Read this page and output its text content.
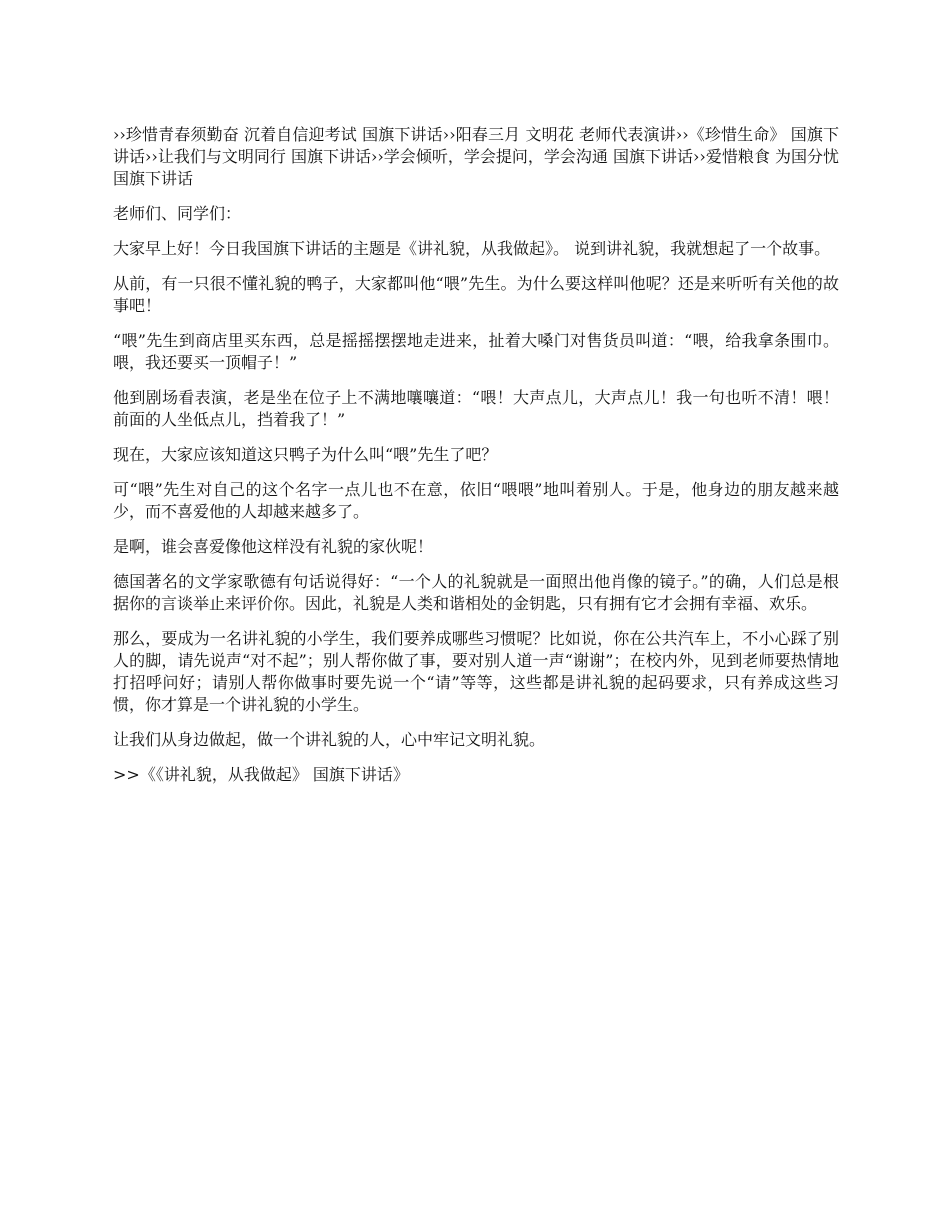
››珍惜青春须勤奋 沉着自信迎考试 国旗下讲话››阳春三月 文明花 老师代表演讲››《珍惜生命》 国旗下讲话››让我们与文明同行 国旗下讲话››学会倾听，学会提问，学会沟通 国旗下讲话››爱惜粮食 为国分忧 国旗下讲话

老师们、同学们：

大家早上好！今日我国旗下讲话的主题是《讲礼貌，从我做起》。 说到讲礼貌，我就想起了一个故事。

从前，有一只很不懂礼貌的鸭子，大家都叫他“喂”先生。为什么要这样叫他呢？还是来听听有关他的故事吧！

“喂”先生到商店里买东西，总是摇摇摆摆地走进来，扯着大嗓门对售货员叫道：“喂，给我拿条围巾。喂，我还要买一顶帽子！”

他到剧场看表演，老是坐在位子上不满地嚷嚷道：“喂！大声点儿，大声点儿！我一句也听不清！喂！前面的人坐低点儿，挡着我了！”

现在，大家应该知道这只鸭子为什么叫“喂”先生了吧？

可“喂”先生对自己的这个名字一点儿也不在意，依旧“喂喂”地叫着别人。于是，他身边的朋友越来越少，而不喜爱他的人却越来越多了。

是啊，谁会喜爱像他这样没有礼貌的家伙呢！

德国著名的文学家歌德有句话说得好：“一个人的礼貌就是一面照出他肖像的镜子。”的确，人们总是根据你的言谈举止来评价你。因此，礼貌是人类和谐相处的金钥匙，只有拥有它才会拥有幸福、欢乐。

那么，要成为一名讲礼貌的小学生，我们要养成哪些习惯呢？比如说，你在公共汽车上，不小心踩了别人的脚，请先说声“对不起”；别人帮你做了事，要对别人道一声“谢谢”；在校内外，见到老师要热情地打招呼问好；请别人帮你做事时要先说一个“请”等等，这些都是讲礼貌的起码要求，只有养成这些习惯，你才算是一个讲礼貌的小学生。

让我们从身边做起，做一个讲礼貌的人，心中牢记文明礼貌。

>>《《讲礼貌，从我做起》 国旗下讲话》
